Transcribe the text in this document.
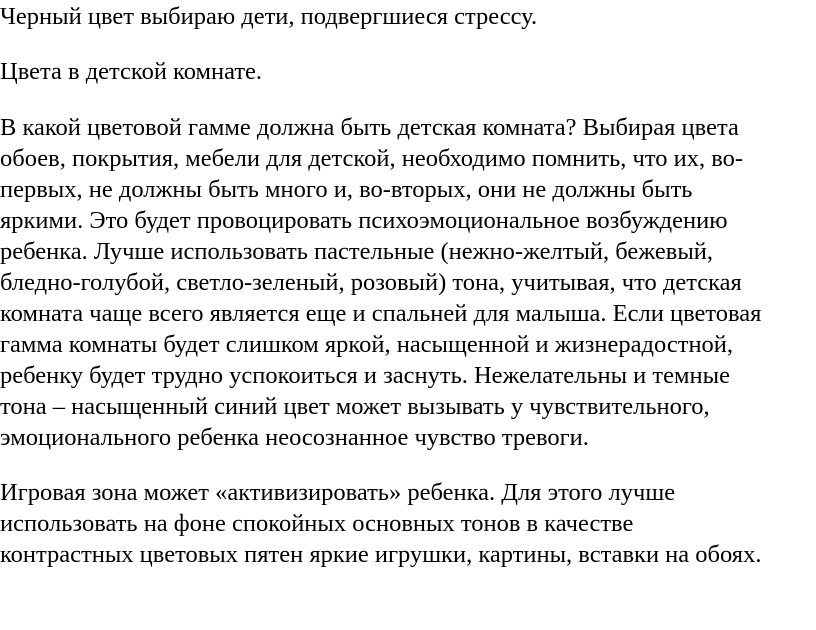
Черный цвет выбираю дети, подвергшиеся стрессу.
Цвета в детской комнате.
В какой цветовой гамме должна быть детская комната? Выбирая цвета
обоев, покрытия, мебели для детской, необходимо помнить, что их, во-
первых, не должны быть много и, во-вторых, они не должны быть
яркими. Это будет провоцировать психоэмоциональное возбуждению
ребенка. Лучше использовать пастельные (нежно-желтый, бежевый,
бледно-голубой, светло-зеленый, розовый) тона, учитывая, что детская
комната чаще всего является еще и спальней для малыша. Если цветовая
гамма комнаты будет слишком яркой, насыщенной и жизнерадостной,
ребенку будет трудно успокоиться и заснуть. Нежелательны и темные
тона – насыщенный синий цвет может вызывать у чувствительного,
эмоционального ребенка неосознанное чувство тревоги.
Игровая зона может «активизировать» ребенка. Для этого лучше
использовать на фоне спокойных основных тонов в качестве
контрастных цветовых пятен яркие игрушки, картины, вставки на обоях.
